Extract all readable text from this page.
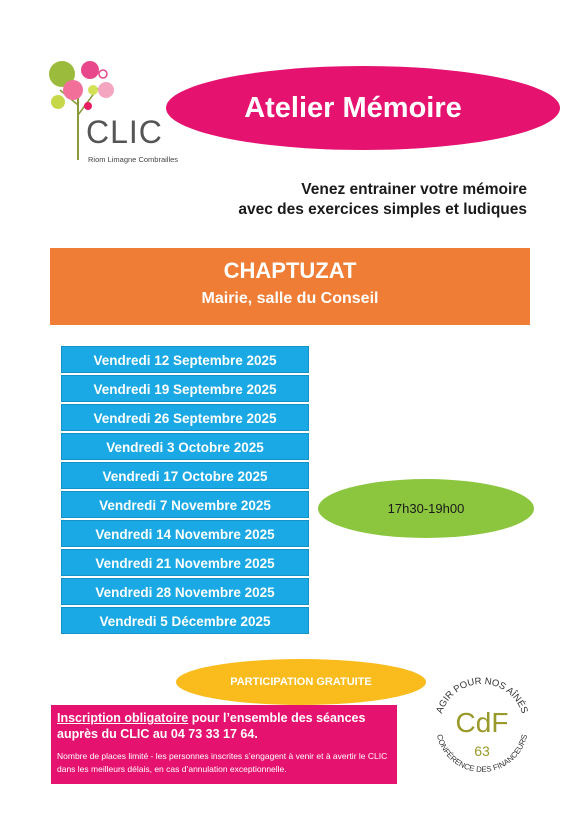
CLIC
Riom Limagne Combrailles
Atelier Mémoire
Venez entrainer votre mémoire
avec des exercices simples et ludiques
CHAPTUZAT
Mairie, salle du Conseil
Vendredi 12 Septembre 2025
Vendredi 19 Septembre 2025
Vendredi 26 Septembre 2025
Vendredi 3 Octobre 2025
Vendredi 17 Octobre 2025
Vendredi 7 Novembre 2025
Vendredi 14 Novembre 2025
Vendredi 21 Novembre 2025
Vendredi 28 Novembre 2025
Vendredi 5 Décembre 2025
17h30-19h00
PARTICIPATION GRATUITE
Inscription obligatoire pour l’ensemble des séances
auprès du CLIC au 04 73 33 17 64.
Nombre de places limité - les personnes inscrites s’engagent à venir et à avertir le CLIC dans les meilleurs délais, en cas d’annulation exceptionnelle.
AGIR POUR NOS AÎNÉS
CONFÉRENCE DES FINANCEURS
CdF
63
